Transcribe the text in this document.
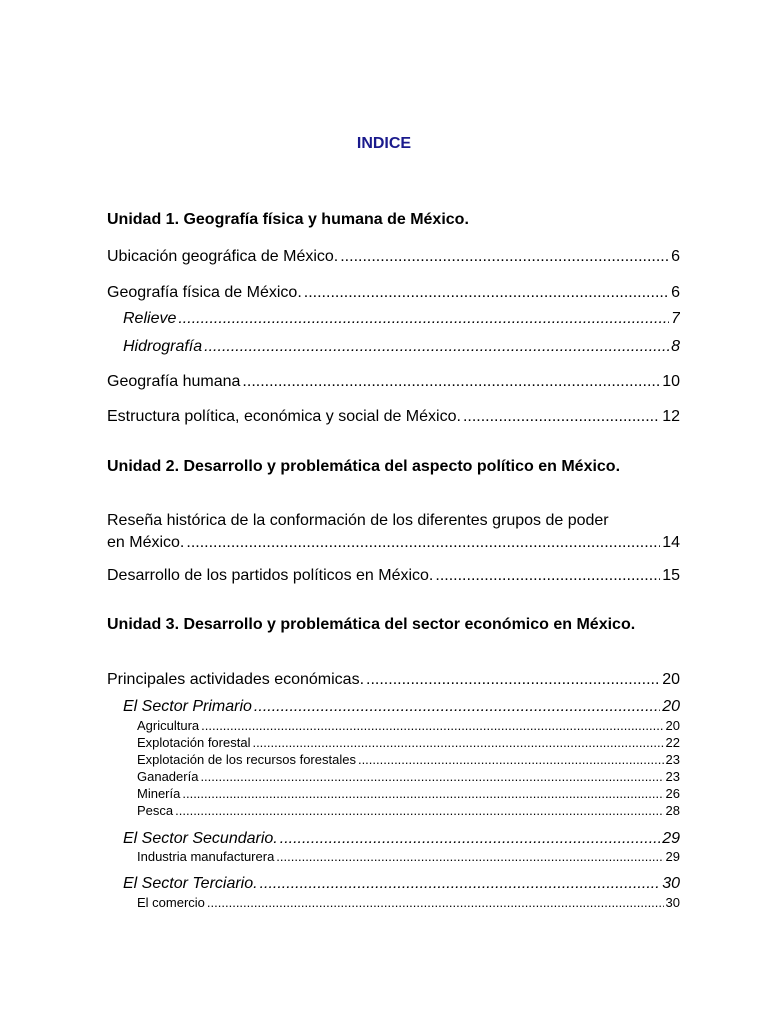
INDICE
Unidad 1. Geografía física y humana de México.
Ubicación geográfica de México. .....	6
Geografía física de México. .....	6
Relieve .....	7
Hidrografía .....	8
Geografía humana .....	10
Estructura política, económica y social de México. .....	12
Unidad 2. Desarrollo y problemática del aspecto político en México.
Reseña histórica de la conformación de los diferentes grupos de poder
en México. .....	14
Desarrollo de los partidos políticos en México. .....	15
Unidad 3. Desarrollo y problemática del sector económico en México.
Principales actividades económicas. .....	20
El Sector Primario .....	20
Agricultura .....	20
Explotación forestal .....	22
Explotación de los recursos forestales .....	23
Ganadería .....	23
Minería .....	26
Pesca .....	28
El Sector Secundario. .....	29
Industria manufacturera .....	29
El Sector Terciario. .....	30
El comercio .....	30
